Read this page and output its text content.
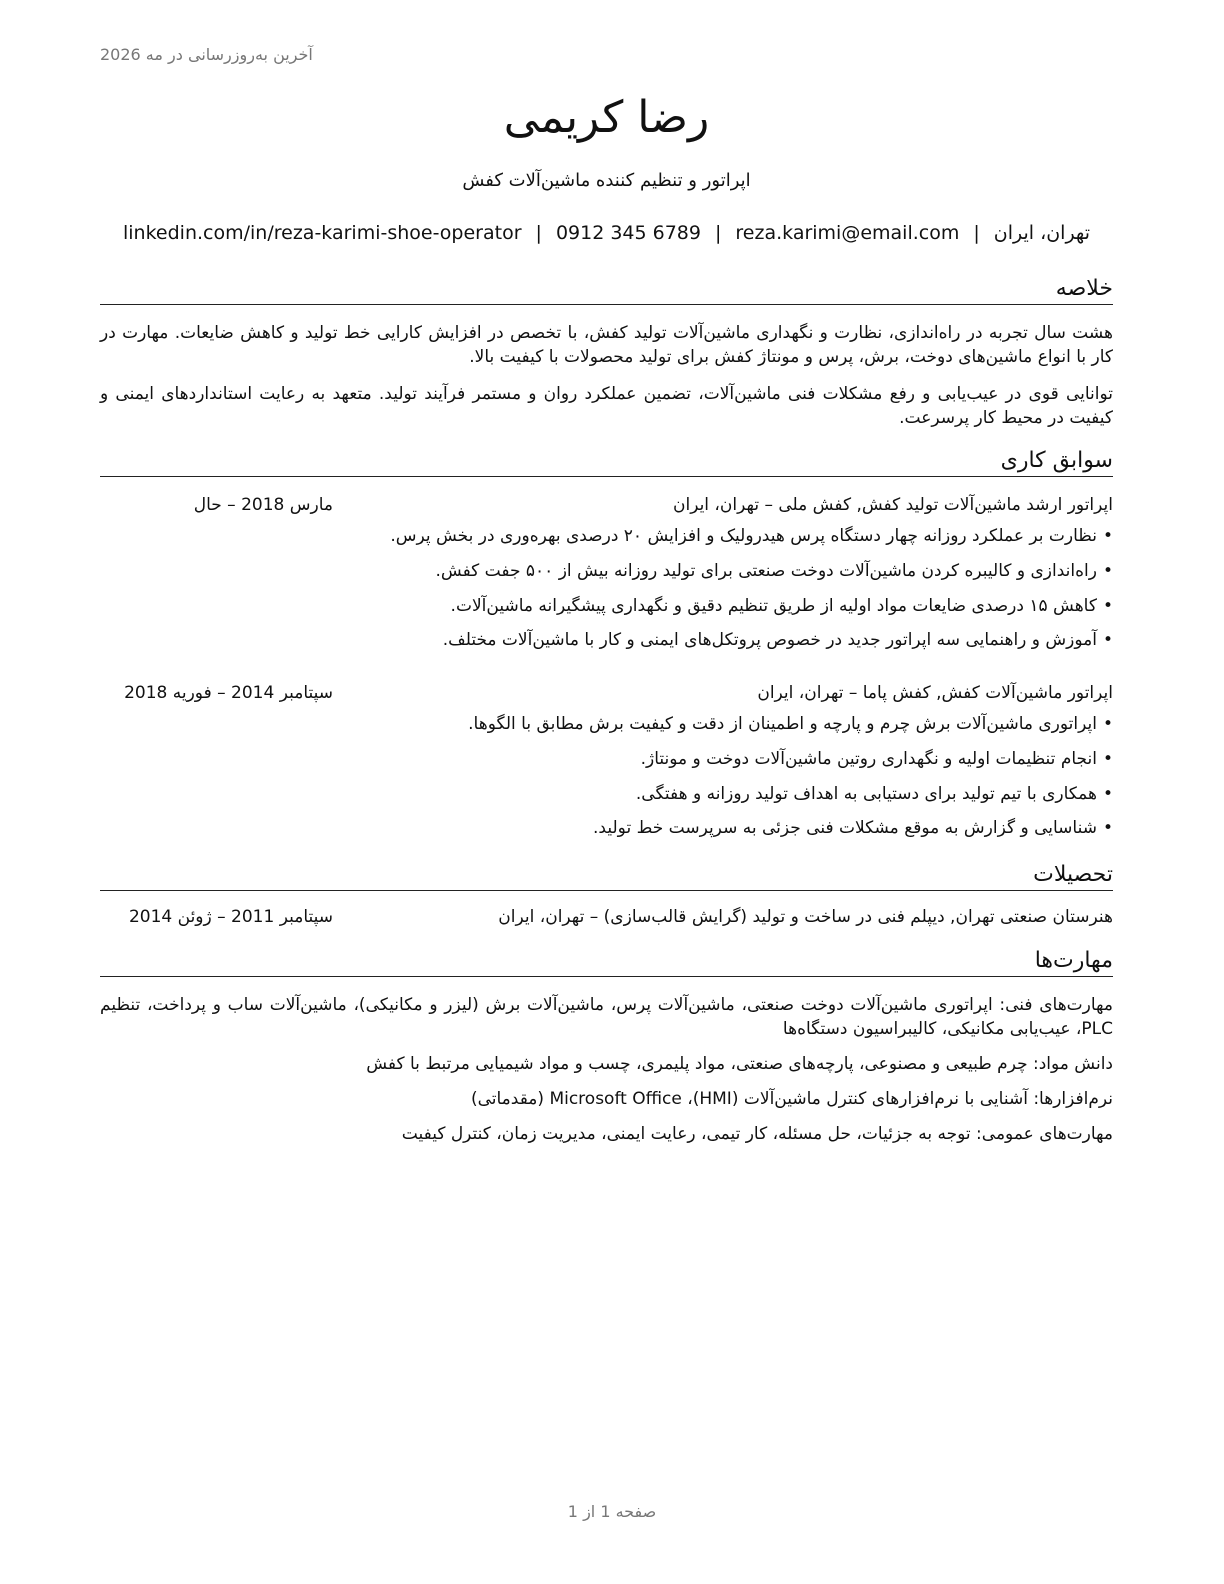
آخرین به‌روزرسانی در مه 2026
رضا کریمی
اپراتور و تنظیم کننده ماشین‌آلات کفش
تهران، ایران|reza.karimi@email.com|0912 345 6789|linkedin.com/in/reza-karimi-shoe-operator
خلاصه
هشت سال تجربه در راه‌اندازی، نظارت و نگهداری ماشین‌آلات تولید کفش، با تخصص در افزایش کارایی خط تولید و کاهش ضایعات. مهارت در کار با انواع ماشین‌های دوخت، برش، پرس و مونتاژ کفش برای تولید محصولات با کیفیت بالا.
توانایی قوی در عیب‌یابی و رفع مشکلات فنی ماشین‌آلات، تضمین عملکرد روان و مستمر فرآیند تولید. متعهد به رعایت استانداردهای ایمنی و کیفیت در محیط کار پرسرعت.
سوابق کاری
اپراتور ارشد ماشین‌آلات تولید کفش, کفش ملی – تهران، ایران
مارس 2018 – حال
•نظارت بر عملکرد روزانه چهار دستگاه پرس هیدرولیک و افزایش ۲۰ درصدی بهره‌وری در بخش پرس.
•راه‌اندازی و کالیبره کردن ماشین‌آلات دوخت صنعتی برای تولید روزانه بیش از ۵۰۰ جفت کفش.
•کاهش ۱۵ درصدی ضایعات مواد اولیه از طریق تنظیم دقیق و نگهداری پیشگیرانه ماشین‌آلات.
•آموزش و راهنمایی سه اپراتور جدید در خصوص پروتکل‌های ایمنی و کار با ماشین‌آلات مختلف.
اپراتور ماشین‌آلات کفش, کفش پاما – تهران، ایران
سپتامبر 2014 – فوریه 2018
•اپراتوری ماشین‌آلات برش چرم و پارچه و اطمینان از دقت و کیفیت برش مطابق با الگوها.
•انجام تنظیمات اولیه و نگهداری روتین ماشین‌آلات دوخت و مونتاژ.
•همکاری با تیم تولید برای دستیابی به اهداف تولید روزانه و هفتگی.
•شناسایی و گزارش به موقع مشکلات فنی جزئی به سرپرست خط تولید.
تحصیلات
هنرستان صنعتی تهران, دیپلم فنی در ساخت و تولید (گرایش قالب‌سازی) – تهران، ایران
سپتامبر 2011 – ژوئن 2014
مهارت‌ها
مهارت‌های فنی: اپراتوری ماشین‌آلات دوخت صنعتی، ماشین‌آلات پرس، ماشین‌آلات برش (لیزر و مکانیکی)، ماشین‌آلات ساب و پرداخت، تنظیم PLC، عیب‌یابی مکانیکی، کالیبراسیون دستگاه‌ها
دانش مواد: چرم طبیعی و مصنوعی، پارچه‌های صنعتی، مواد پلیمری، چسب و مواد شیمیایی مرتبط با کفش
نرم‌افزارها: آشنایی با نرم‌افزارهای کنترل ماشین‌آلات (HMI)، Microsoft Office (مقدماتی)
مهارت‌های عمومی: توجه به جزئیات، حل مسئله، کار تیمی، رعایت ایمنی، مدیریت زمان، کنترل کیفیت
صفحه 1 از 1
